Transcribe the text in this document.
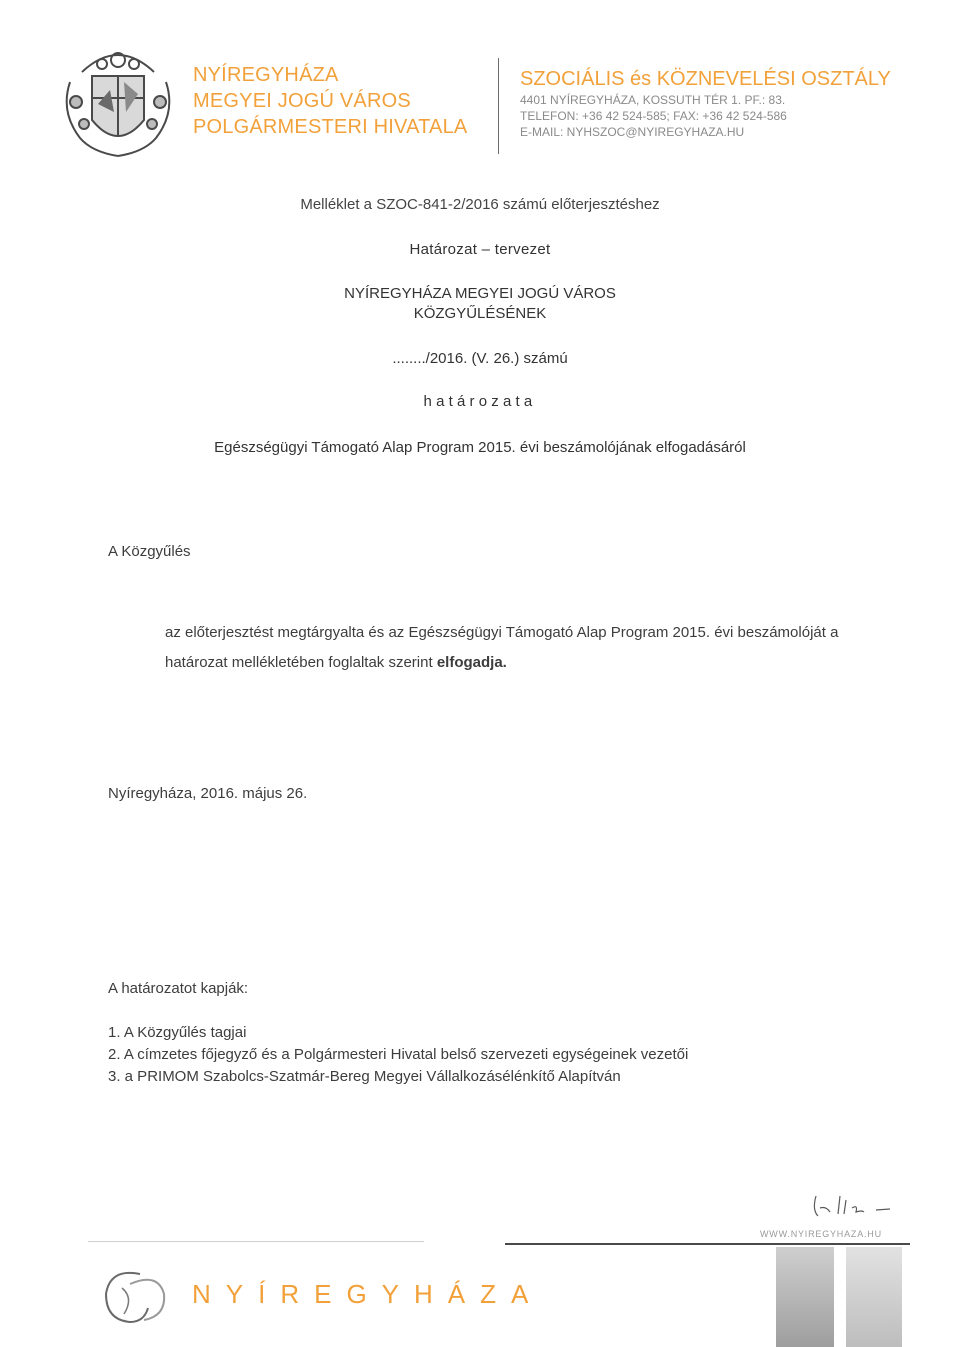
NYÍREGYHÁZA
MEGYEI JOGÚ VÁROS
POLGÁRMESTERI HIVATALA
SZOCIÁLIS és KÖZNEVELÉSI OSZTÁLY
4401 NYÍREGYHÁZA, KOSSUTH TÉR 1. PF.: 83.
TELEFON: +36 42 524-585; FAX: +36 42 524-586
E-MAIL: NYHSZOC@NYIREGYHAZA.HU
Melléklet a SZOC-841-2/2016 számú előterjesztéshez
Határozat – tervezet
NYÍREGYHÁZA MEGYEI JOGÚ VÁROS
KÖZGYŰLÉSÉNEK
......../2016. (V. 26.) számú
határozata
Egészségügyi Támogató Alap Program 2015. évi beszámolójának elfogadásáról
A Közgyűlés
az előterjesztést megtárgyalta és az Egészségügyi Támogató Alap Program 2015. évi beszámolóját a
határozat mellékletében foglaltak szerint elfogadja.
Nyíregyháza, 2016. május 26.
A határozatot kapják:
1. A Közgyűlés tagjai
2. A címzetes főjegyző és a Polgármesteri Hivatal belső szervezeti egységeinek vezetői
3. a PRIMOM Szabolcs-Szatmár-Bereg Megyei Vállalkozásélénkítő Alapítván
WWW.NYIREGYHAZA.HU
NYÍREGYHÁZA
